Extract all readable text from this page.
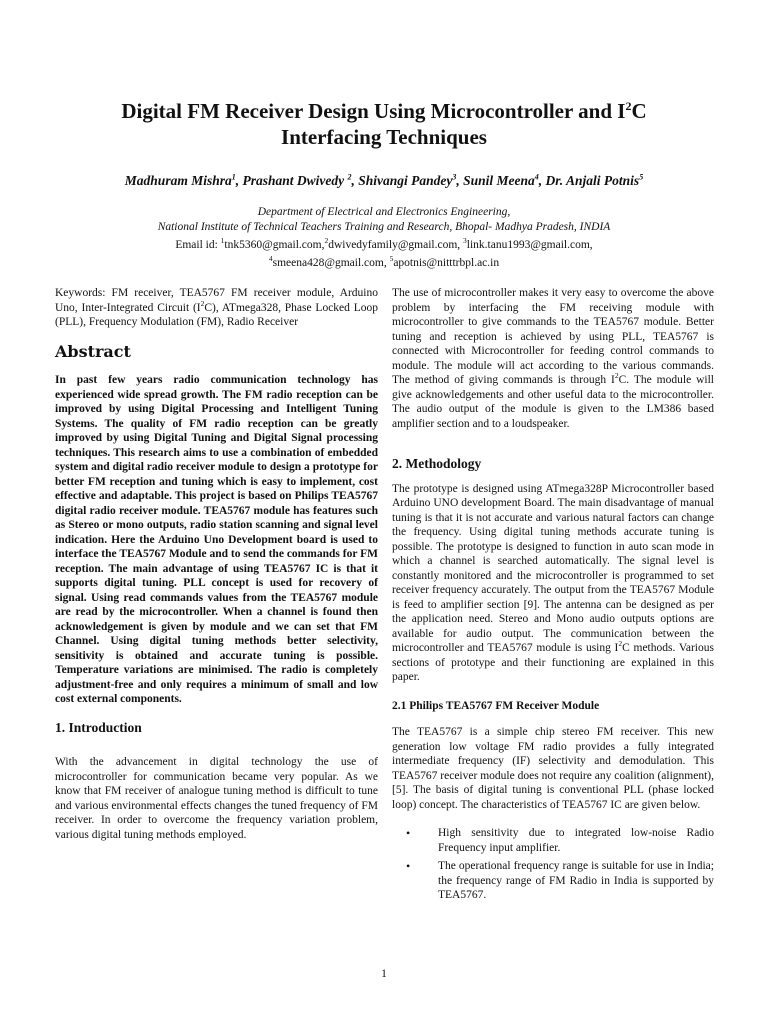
Digital FM Receiver Design Using Microcontroller and $I^2C$
Interfacing Techniques
Madhuram Mishra$^1$, Prashant Dwivedy $^2$, Shivangi Pandey$^3$, Sunil Meena$^4$, Dr. Anjali Potnis$^5$
Department of Electrical and Electronics Engineering,
National Institute of Technical Teachers Training and Research, Bhopal- Madhya Pradesh, INDIA
Email id: $^1$tnk5360@gmail.com,$^2$dwivedyfamily@gmail.com, $^3$link.tanu1993@gmail.com,
$^4$smeena428@gmail.com, $^5$apotnis@nitttrbpl.ac.in

Keywords: FM receiver, TEA5767 FM receiver module, Arduino Uno, Inter-Integrated Circuit $(I^2C)$, ATmega328, Phase Locked Loop (PLL), Frequency Modulation (FM), Radio Receiver

Abstract

In past few years radio communication technology has experienced wide spread growth. The FM radio reception can be improved by using Digital Processing and Intelligent Tuning Systems. The quality of FM radio reception can be greatly improved by using Digital Tuning and Digital Signal processing techniques. This research aims to use a combination of embedded system and digital radio receiver module to design a prototype for better FM reception and tuning which is easy to implement, cost effective and adaptable. This project is based on Philips TEA5767 digital radio receiver module. TEA5767 module has features such as Stereo or mono outputs, radio station scanning and signal level indication. Here the Arduino Uno Development board is used to interface the TEA5767 Module and to send the commands for FM reception. The main advantage of using TEA5767 IC is that it supports digital tuning. PLL concept is used for recovery of signal. Using read commands values from the TEA5767 module are read by the microcontroller. When a channel is found then acknowledgement is given by module and we can set that FM Channel. Using digital tuning methods better selectivity, sensitivity is obtained and accurate tuning is possible. Temperature variations are minimised. The radio is completely adjustment-free and only requires a minimum of small and low cost external components.

1. Introduction

With the advancement in digital technology the use of microcontroller for communication became very popular. As we know that FM receiver of analogue tuning method is difficult to tune and various environmental effects changes the tuned frequency of FM receiver. In order to overcome the frequency variation problem, various digital tuning methods employed.

The use of microcontroller makes it very easy to overcome the above problem by interfacing the FM receiving module with microcontroller to give commands to the TEA5767 module. Better tuning and reception is achieved by using PLL, TEA5767 is connected with Microcontroller for feeding control commands to module. The module will act according to the various commands. The method of giving commands is through $I^2C$. The module will give acknowledgements and other useful data to the microcontroller. The audio output of the module is given to the LM386 based amplifier section and to a loudspeaker.

2. Methodology

The prototype is designed using ATmega328P Microcontroller based Arduino UNO development Board. The main disadvantage of manual tuning is that it is not accurate and various natural factors can change the frequency. Using digital tuning methods accurate tuning is possible. The prototype is designed to function in auto scan mode in which a channel is searched automatically. The signal level is constantly monitored and the microcontroller is programmed to set receiver frequency accurately. The output from the TEA5767 Module is feed to amplifier section [9]. The antenna can be designed as per the application need. Stereo and Mono audio outputs options are available for audio output. The communication between the microcontroller and TEA5767 module is using $I^2C$ methods. Various sections of prototype and their functioning are explained in this paper.

2.1 Philips TEA5767 FM Receiver Module

The TEA5767 is a simple chip stereo FM receiver. This new generation low voltage FM radio provides a fully integrated intermediate frequency (IF) selectivity and demodulation. This TEA5767 receiver module does not require any coalition (alignment), [5]. The basis of digital tuning is conventional PLL (phase locked loop) concept. The characteristics of TEA5767 IC are given below.

• High sensitivity due to integrated low-noise Radio Frequency input amplifier.
• The operational frequency range is suitable for use in India; the frequency range of FM Radio in India is supported by TEA5767.
1
